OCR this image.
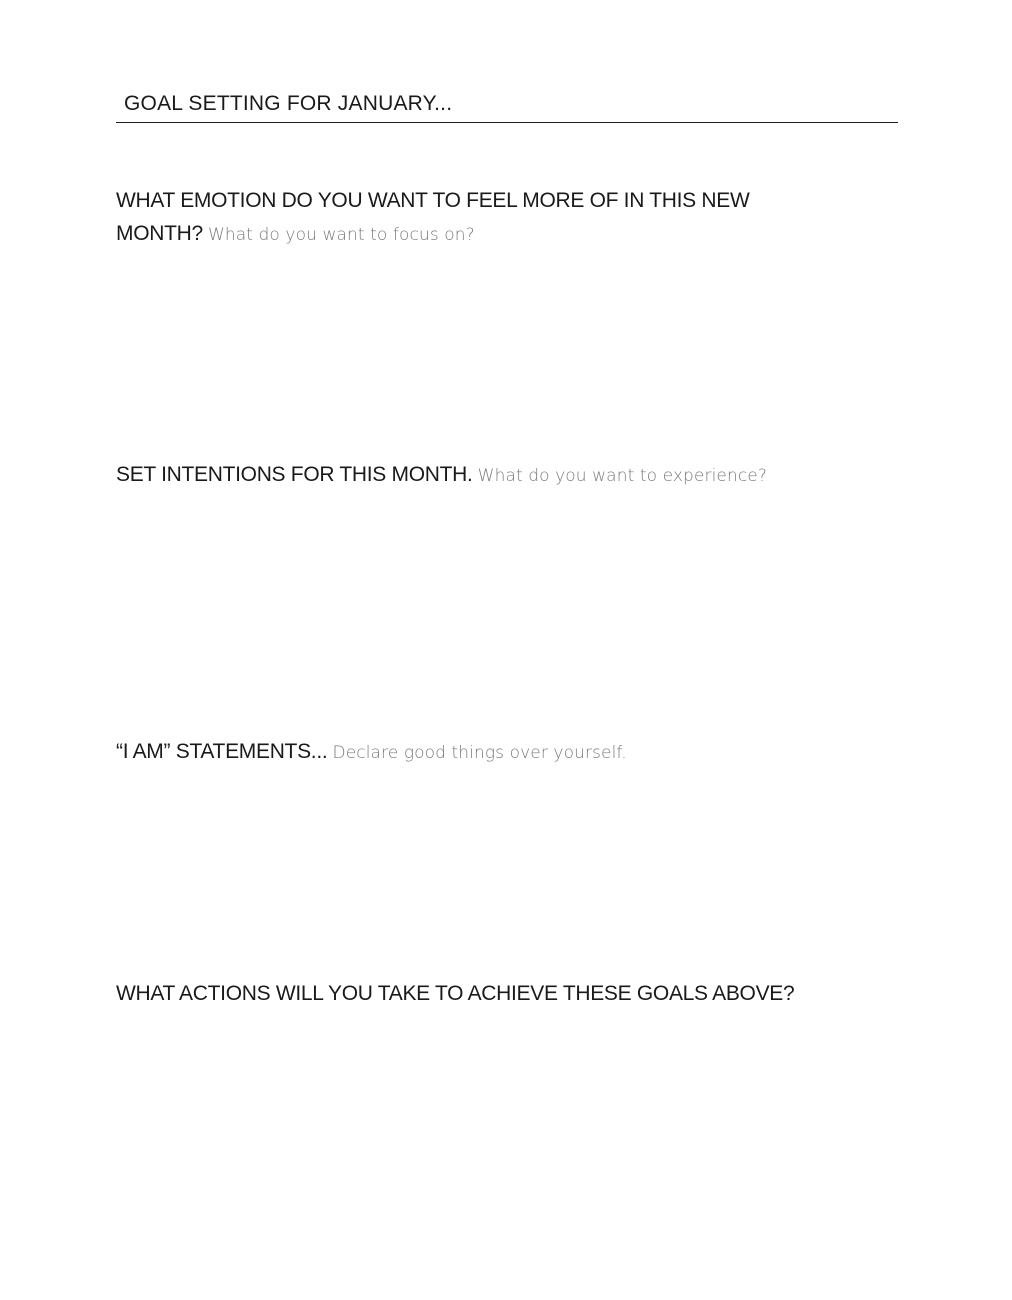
GOAL SETTING FOR JANUARY...
WHAT EMOTION DO YOU WANT TO FEEL MORE OF IN THIS NEW MONTH? What do you want to focus on?
SET INTENTIONS FOR THIS MONTH. What do you want to experience?
“I AM” STATEMENTS... Declare good things over yourself.
WHAT ACTIONS WILL YOU TAKE TO ACHIEVE THESE GOALS ABOVE?
